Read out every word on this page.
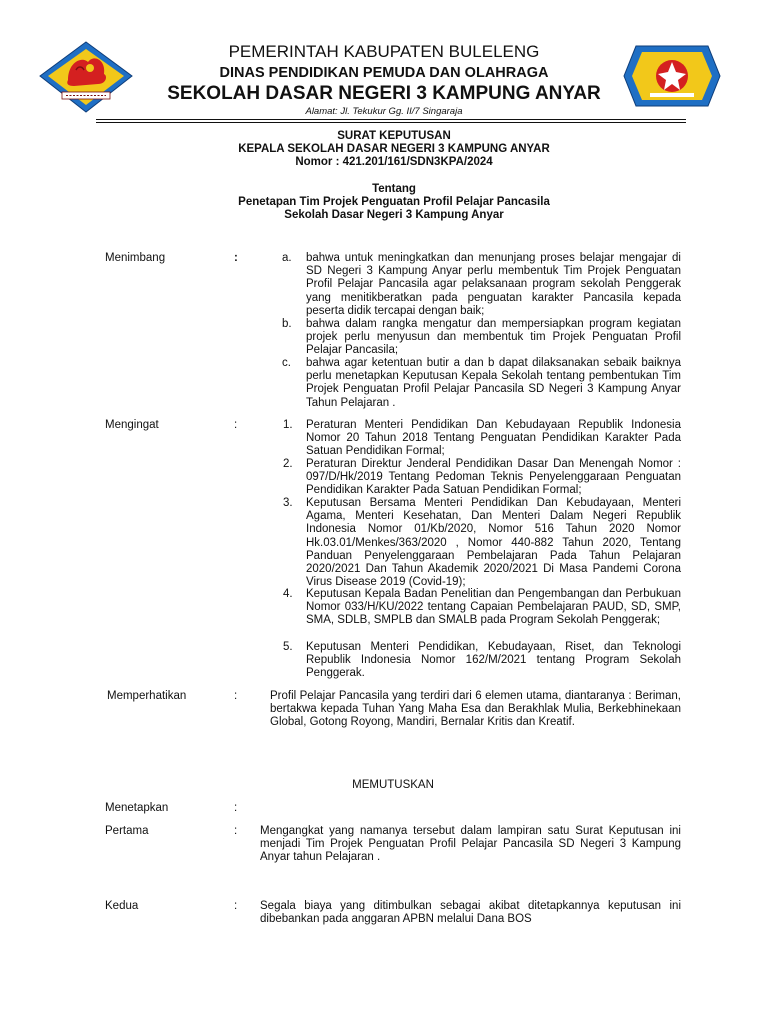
PEMERINTAH KABUPATEN BULELENG
DINAS PENDIDIKAN PEMUDA DAN OLAHRAGA
SEKOLAH DASAR NEGERI 3 KAMPUNG ANYAR
Alamat: Jl. Tekukur Gg. II/7 Singaraja
SURAT KEPUTUSAN
KEPALA SEKOLAH DASAR NEGERI 3 KAMPUNG ANYAR
Nomor : 421.201/161/SDN3KPA/2024
Tentang
Penetapan Tim Projek Penguatan Profil Pelajar Pancasila
Sekolah Dasar Negeri 3 Kampung Anyar
Menimbang	:	a. bahwa untuk meningkatkan dan menunjang proses belajar mengajar di SD Negeri 3 Kampung Anyar perlu membentuk Tim Projek Penguatan Profil Pelajar Pancasila agar pelaksanaan program sekolah Penggerak yang menitikberatkan pada penguatan karakter Pancasila kepada peserta didik tercapai dengan baik;
b. bahwa dalam rangka mengatur dan mempersiapkan program kegiatan projek perlu menyusun dan membentuk tim Projek Penguatan Profil Pelajar Pancasila;
c. bahwa agar ketentuan butir a dan b dapat dilaksanakan sebaik baiknya perlu menetapkan Keputusan Kepala Sekolah tentang pembentukan Tim Projek Penguatan Profil Pelajar Pancasila SD Negeri 3 Kampung Anyar Tahun Pelajaran .
Mengingat	:	1. Peraturan Menteri Pendidikan Dan Kebudayaan Republik Indonesia Nomor 20 Tahun 2018 Tentang Penguatan Pendidikan Karakter Pada Satuan Pendidikan Formal;
2. Peraturan Direktur Jenderal Pendidikan Dasar Dan Menengah Nomor : 097/D/Hk/2019 Tentang Pedoman Teknis Penyelenggaraan Penguatan Pendidikan Karakter Pada Satuan Pendidikan Formal;
3. Keputusan Bersama Menteri Pendidikan Dan Kebudayaan, Menteri Agama, Menteri Kesehatan, Dan Menteri Dalam Negeri Republik Indonesia Nomor 01/Kb/2020, Nomor 516 Tahun 2020 Nomor Hk.03.01/Menkes/363/2020 , Nomor 440-882 Tahun 2020, Tentang Panduan Penyelenggaraan Pembelajaran Pada Tahun Pelajaran 2020/2021 Dan Tahun Akademik 2020/2021 Di Masa Pandemi Corona Virus Disease 2019 (Covid-19);
4. Keputusan Kepala Badan Penelitian dan Pengembangan dan Perbukuan Nomor 033/H/KU/2022 tentang Capaian Pembelajaran PAUD, SD, SMP, SMA, SDLB, SMPLB dan SMALB pada Program Sekolah Penggerak;
5. Keputusan Menteri Pendidikan, Kebudayaan, Riset, dan Teknologi Republik Indonesia Nomor 162/M/2021 tentang Program Sekolah Penggerak.
Memperhatikan	:	Profil Pelajar Pancasila yang terdiri dari 6 elemen utama, diantaranya : Beriman, bertakwa kepada Tuhan Yang Maha Esa dan Berakhlak Mulia, Berkebhinekaan Global, Gotong Royong, Mandiri, Bernalar Kritis dan Kreatif.
MEMUTUSKAN
Menetapkan	:
Pertama	: Mengangkat yang namanya tersebut dalam lampiran satu Surat Keputusan ini menjadi Tim Projek Penguatan Profil Pelajar Pancasila SD Negeri 3 Kampung Anyar tahun Pelajaran .
Kedua	: Segala biaya yang ditimbulkan sebagai akibat ditetapkannya keputusan ini dibebankan pada anggaran APBN melalui Dana BOS
